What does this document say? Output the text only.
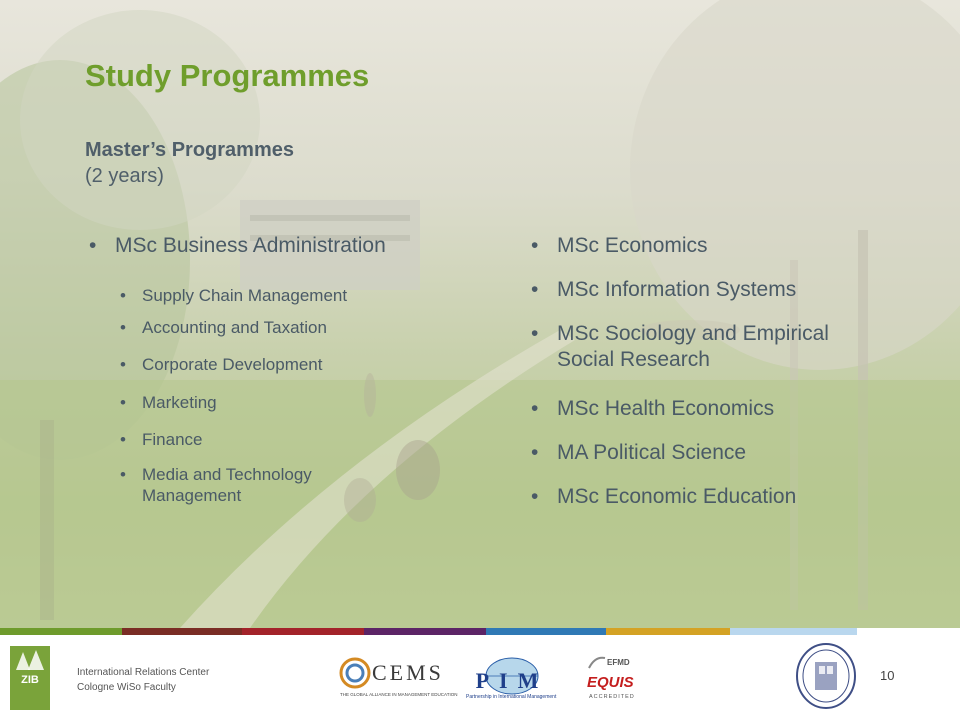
Study Programmes
Master’s Programmes
(2 years)
• MSc Business Administration
• Supply Chain Management
• Accounting and Taxation
• Corporate Development
• Marketing
• Finance
• Media and Technology Management
• MSc Economics
• MSc Information Systems
• MSc Sociology and Empirical Social Research
• MSc Health Economics
• MA Political Science
• MSc Economic Education
ZIB
International Relations Center
Cologne WiSo Faculty
CEMS
THE GLOBAL ALLIANCE IN MANAGEMENT EDUCATION
PIM
Partnership in International Management
EFMD
EQUIS
ACCREDITED
10
